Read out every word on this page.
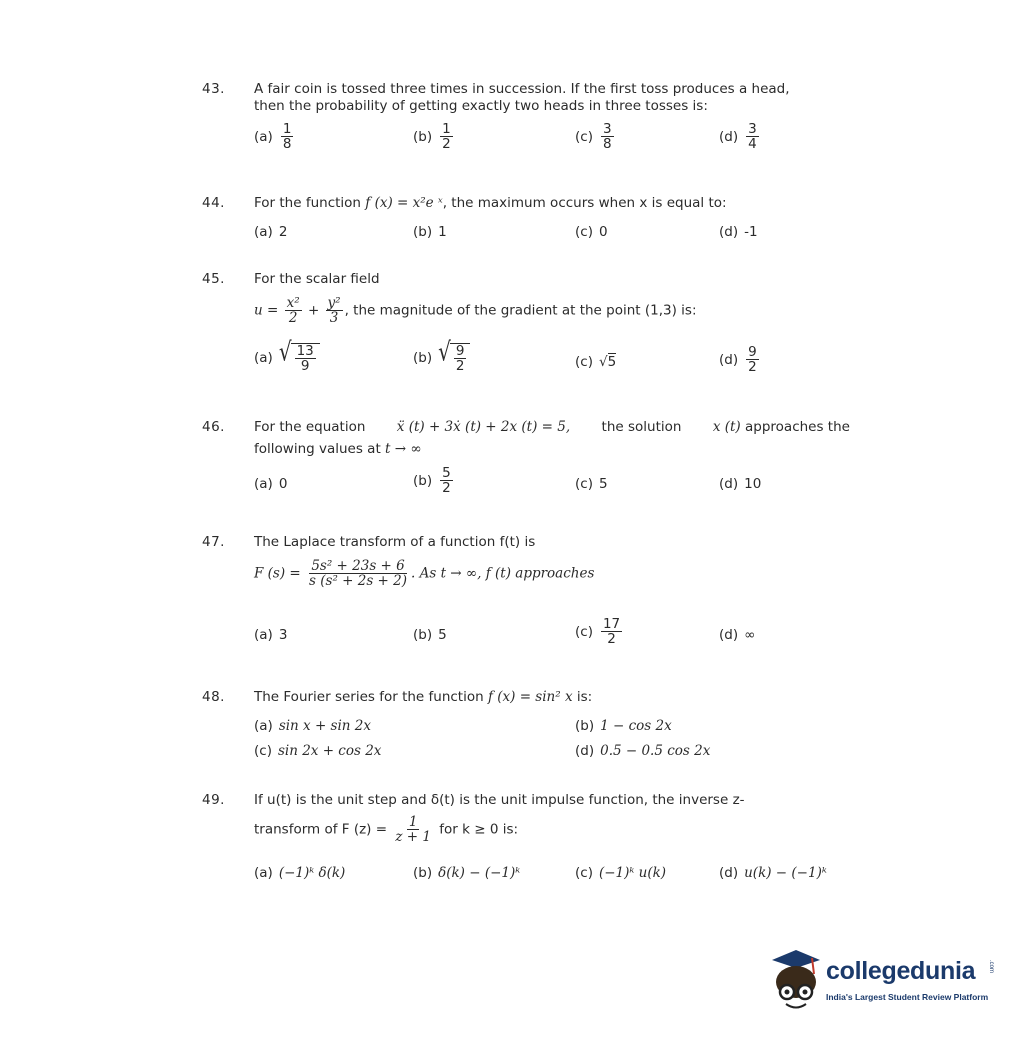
43. A fair coin is tossed three times in succession. If the first toss produces a head,
then the probability of getting exactly two heads in three tosses is:
$(a) \frac{1}{8}$	$(b) \frac{1}{2}$	$(c) \frac{3}{8}$	$(d) \frac{3}{4}$
44. For the function f (x) = x²e ˣ, the maximum occurs when x is equal to:
(a) 2	(b) 1	(c) 0	(d) -1
45. For the scalar field
$u = \frac{\text{x²}}{2} + \frac{\text{y²}}{3}$ , the magnitude of the gradient at the point (1,3) is:
(a) √ $\frac{13}{9}$	(b) √ $\frac{9}{2}$	(c) √5	$(d) \frac{9}{2}$
46. For the equation ẍ (t) + 3ẋ (t) + 2x (t) = 5, the solution x (t) approaches the
following values at t → ∞
(a) 0	$(b) \frac{5}{2}$	(c) 5	(d) 10
47. The Laplace transform of a function f(t) is
F $(s) = \frac{\text{5s² + 23s + 6}}{\text{s (s² + 2s + 2)}}$ . As t → ∞, f (t) approaches
(a) 3	(b) 5	$(c) \frac{17}{2}$	(d) ∞
48. The Fourier series for the function f (x) = sin² x is:
(a) sin x + sin 2x	(b) 1 − cos 2x
(c) sin 2x + cos 2x	(d) 0.5 − 0.5 cos 2x
49. If u(t) is the unit step and δ(t) is the unit impulse function, the inverse z-
transform of F $(z) = \frac{1}{z + 1}$ for k ≥ 0 is:
(a) (−1)ᵏ δ(k)	(b) δ(k) − (−1)ᵏ	(c) (−1)ᵏ u(k)	(d) u(k) − (−1)ᵏ
collegedunia .com
India's Largest Student Review Platform
